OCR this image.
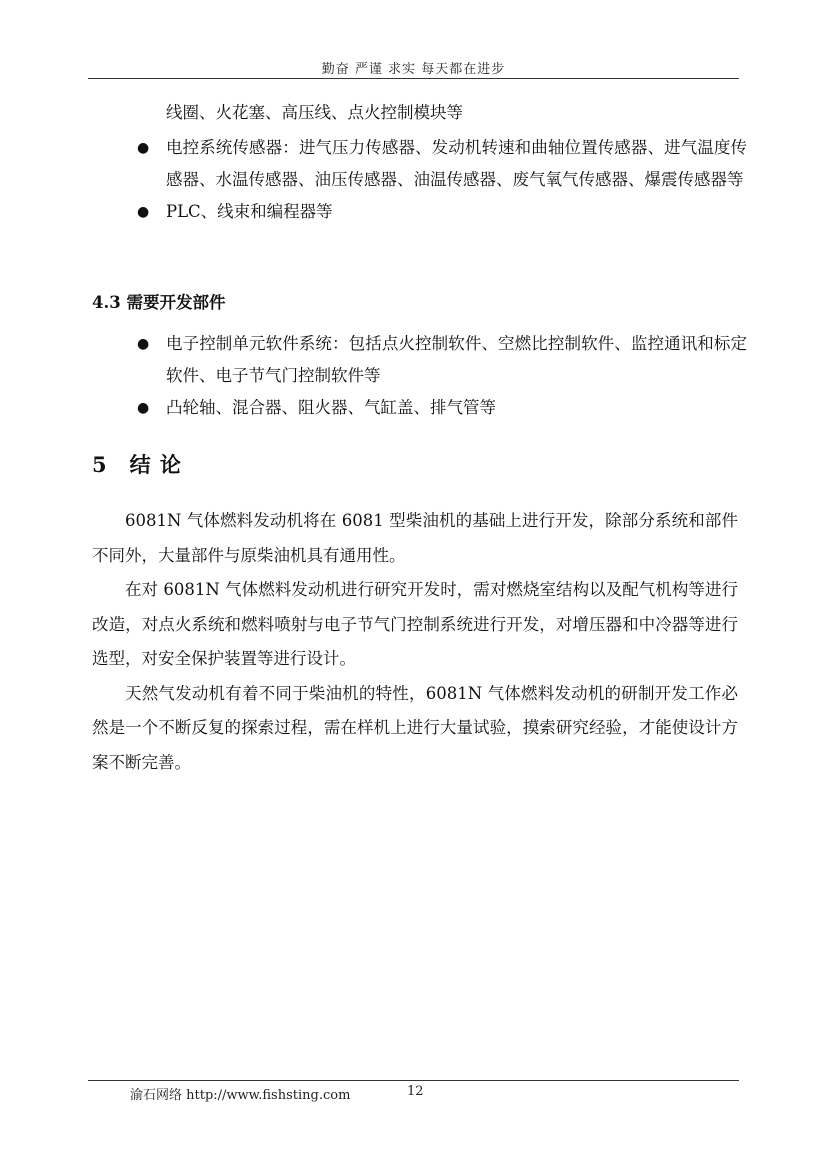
勤奋 严谨 求实 每天都在进步
线圈、火花塞、高压线、点火控制模块等
● 电控系统传感器：进气压力传感器、发动机转速和曲轴位置传感器、进气温度传感器、水温传感器、油压传感器、油温传感器、废气氧气传感器、爆震传感器等
● PLC、线束和编程器等
4.3 需要开发部件
● 电子控制单元软件系统：包括点火控制软件、空燃比控制软件、监控通讯和标定软件、电子节气门控制软件等
● 凸轮轴、混合器、阻火器、气缸盖、排气管等
5 结 论

6081N 气体燃料发动机将在 6081 型柴油机的基础上进行开发，除部分系统和部件不同外，大量部件与原柴油机具有通用性。

在对 6081N 气体燃料发动机进行研究开发时，需对燃烧室结构以及配气机构等进行改造，对点火系统和燃料喷射与电子节气门控制系统进行开发，对增压器和中冷器等进行选型，对安全保护装置等进行设计。

天然气发动机有着不同于柴油机的特性，6081N 气体燃料发动机的研制开发工作必然是一个不断反复的探索过程，需在样机上进行大量试验，摸索研究经验，才能使设计方案不断完善。

渝石网络 http://www.fishsting.com	12
